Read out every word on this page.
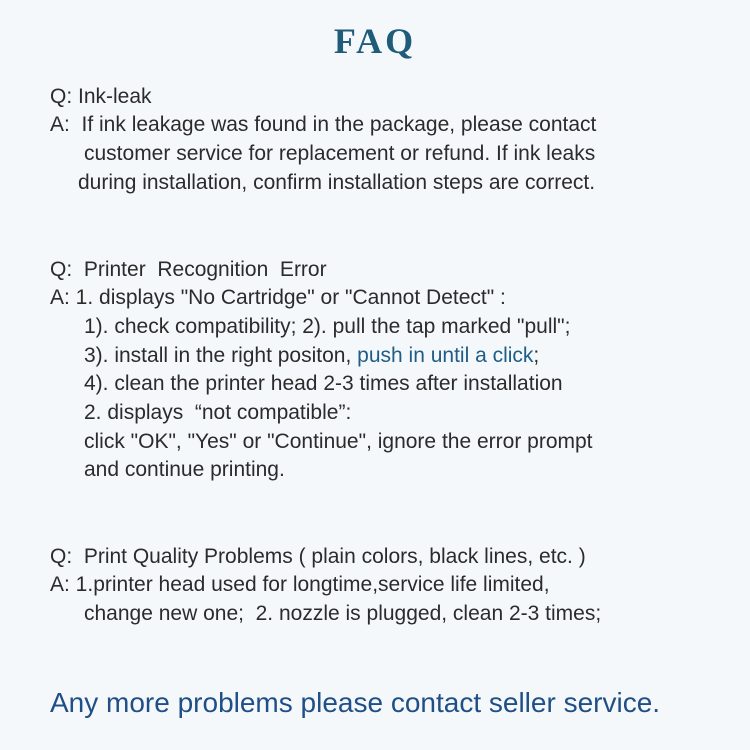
FAQ
Q: Ink-leak
A:  If ink leakage was found in the package, please contact
customer service for replacement or refund. If ink leaks
during installation, confirm installation steps are correct.
Q:  Printer  Recognition  Error
A: 1. displays "No Cartridge" or "Cannot Detect" :
1). check compatibility; 2). pull the tap marked "pull";
3). install in the right positon, push in until a click;
4). clean the printer head 2-3 times after installation
2. displays  “not compatible”:
click "OK", "Yes" or "Continue", ignore the error prompt
and continue printing.
Q:  Print Quality Problems ( plain colors, black lines, etc. )
A: 1.printer head used for longtime,service life limited,
change new one;  2. nozzle is plugged, clean 2-3 times;
Any more problems please contact seller service.
